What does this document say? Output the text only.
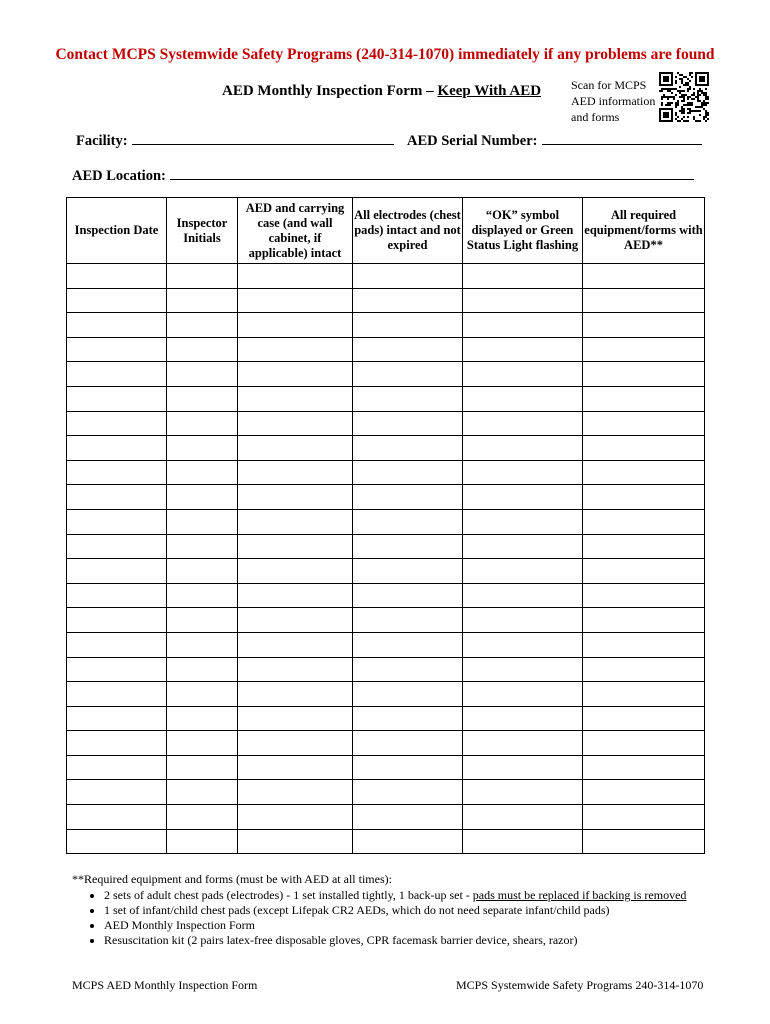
Contact MCPS Systemwide Safety Programs (240-314-1070) immediately if any problems are found
AED Monthly Inspection Form – Keep With AED Scan for MCPS
AED information
and forms
Facility:	AED Serial Number:
AED Location:
Inspection Date	Inspector Initials	AED and carrying case (and wall cabinet, if applicable) intact	All electrodes (chest pads) intact and not expired	“OK” symbol displayed or Green Status Light flashing	All required equipment/forms with AED**

**Required equipment and forms (must be with AED at all times):
• 2 sets of adult chest pads (electrodes) - 1 set installed tightly, 1 back-up set - pads must be replaced if backing is removed
• 1 set of infant/child chest pads (except Lifepak CR2 AEDs, which do not need separate infant/child pads)
• AED Monthly Inspection Form
• Resuscitation kit (2 pairs latex-free disposable gloves, CPR facemask barrier device, shears, razor)
MCPS AED Monthly Inspection Form	MCPS Systemwide Safety Programs 240-314-1070
